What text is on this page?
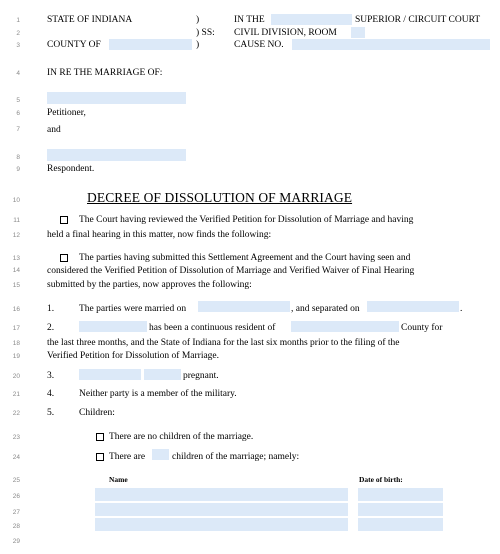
1
2
3
4
5
6
7
8
9
10
11
12
13
14
15
16
17
18
19
20
21
22
23
24
25
26
27
28
29
STATE OF INDIANA	)	IN THE	SUPERIOR / CIRCUIT COURT
) SS: CIVIL DIVISION, ROOM
COUNTY OF	)	CAUSE NO.
IN RE THE MARRIAGE OF:
Petitioner,
and
Respondent.
DECREE OF DISSOLUTION OF MARRIAGE
The Court having reviewed the Verified Petition for Dissolution of Marriage and having
held a final hearing in this matter, now finds the following:
The parties having submitted this Settlement Agreement and the Court having seen and
considered the Verified Petition of Dissolution of Marriage and Verified Waiver of Final Hearing
submitted by the parties, now approves the following:
1.	The parties were married on	, and separated on	.
2.	has been a continuous resident of	County for
the last three months, and the State of Indiana for the last six months prior to the filing of the
Verified Petition for Dissolution of Marriage.
3.	pregnant.
4.	Neither party is a member of the military.
5.	Children:
There are no children of the marriage.
There are	children of the marriage; namely:
Name	Date of birth:
